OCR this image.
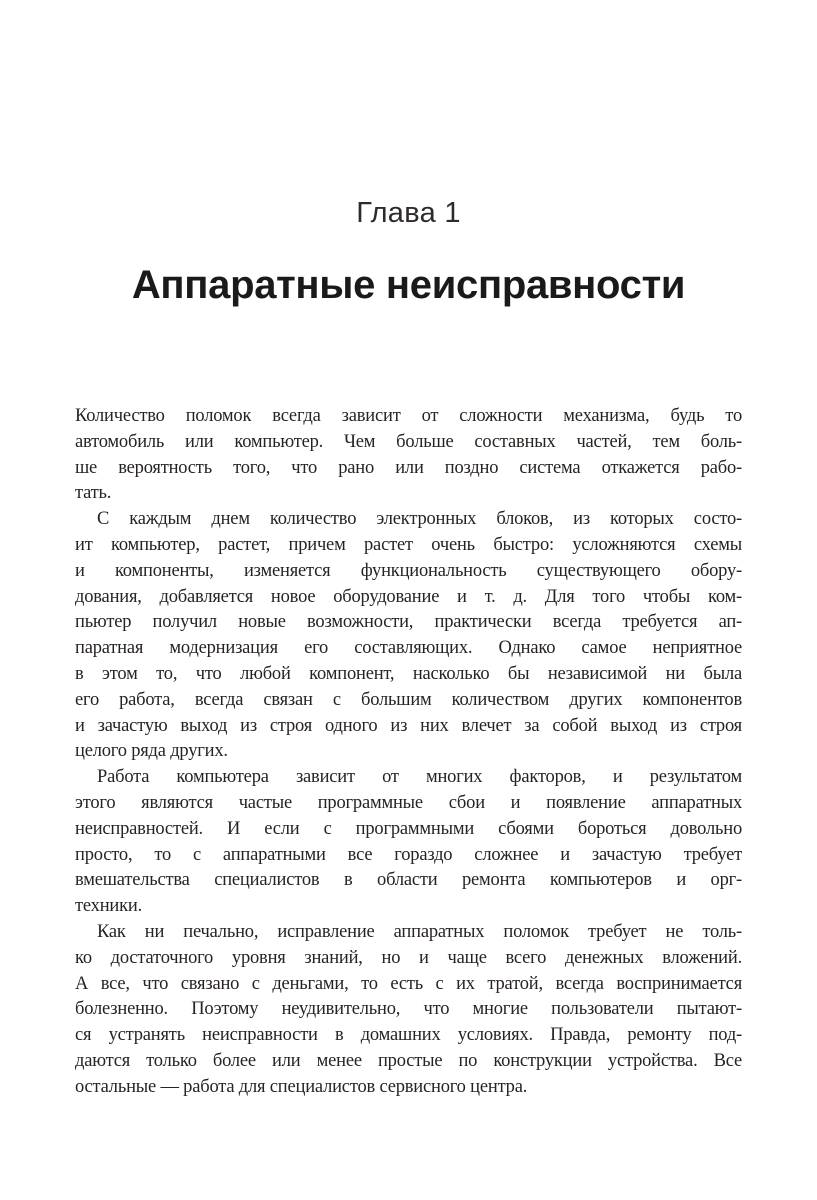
Глава 1
Аппаратные неисправности
Количество поломок всегда зависит от сложности механизма, будь то
автомобиль или компьютер. Чем больше составных частей, тем боль-
ше вероятность того, что рано или поздно система откажется рабо-
тать.
С каждым днем количество электронных блоков, из которых состо-
ит компьютер, растет, причем растет очень быстро: усложняются схемы
и компоненты, изменяется функциональность существующего обору-
дования, добавляется новое оборудование и т. д. Для того чтобы ком-
пьютер получил новые возможности, практически всегда требуется ап-
паратная модернизация его составляющих. Однако самое неприятное
в этом то, что любой компонент, насколько бы независимой ни была
его работа, всегда связан с большим количеством других компонентов
и зачастую выход из строя одного из них влечет за собой выход из строя
целого ряда других.
Работа компьютера зависит от многих факторов, и результатом
этого являются частые программные сбои и появление аппаратных
неисправностей. И если с программными сбоями бороться довольно
просто, то с аппаратными все гораздо сложнее и зачастую требует
вмешательства специалистов в области ремонта компьютеров и орг-
техники.
Как ни печально, исправление аппаратных поломок требует не толь-
ко достаточного уровня знаний, но и чаще всего денежных вложений.
А все, что связано с деньгами, то есть с их тратой, всегда воспринимается
болезненно. Поэтому неудивительно, что многие пользователи пытают-
ся устранять неисправности в домашних условиях. Правда, ремонту под-
даются только более или менее простые по конструкции устройства. Все
остальные — работа для специалистов сервисного центра.
